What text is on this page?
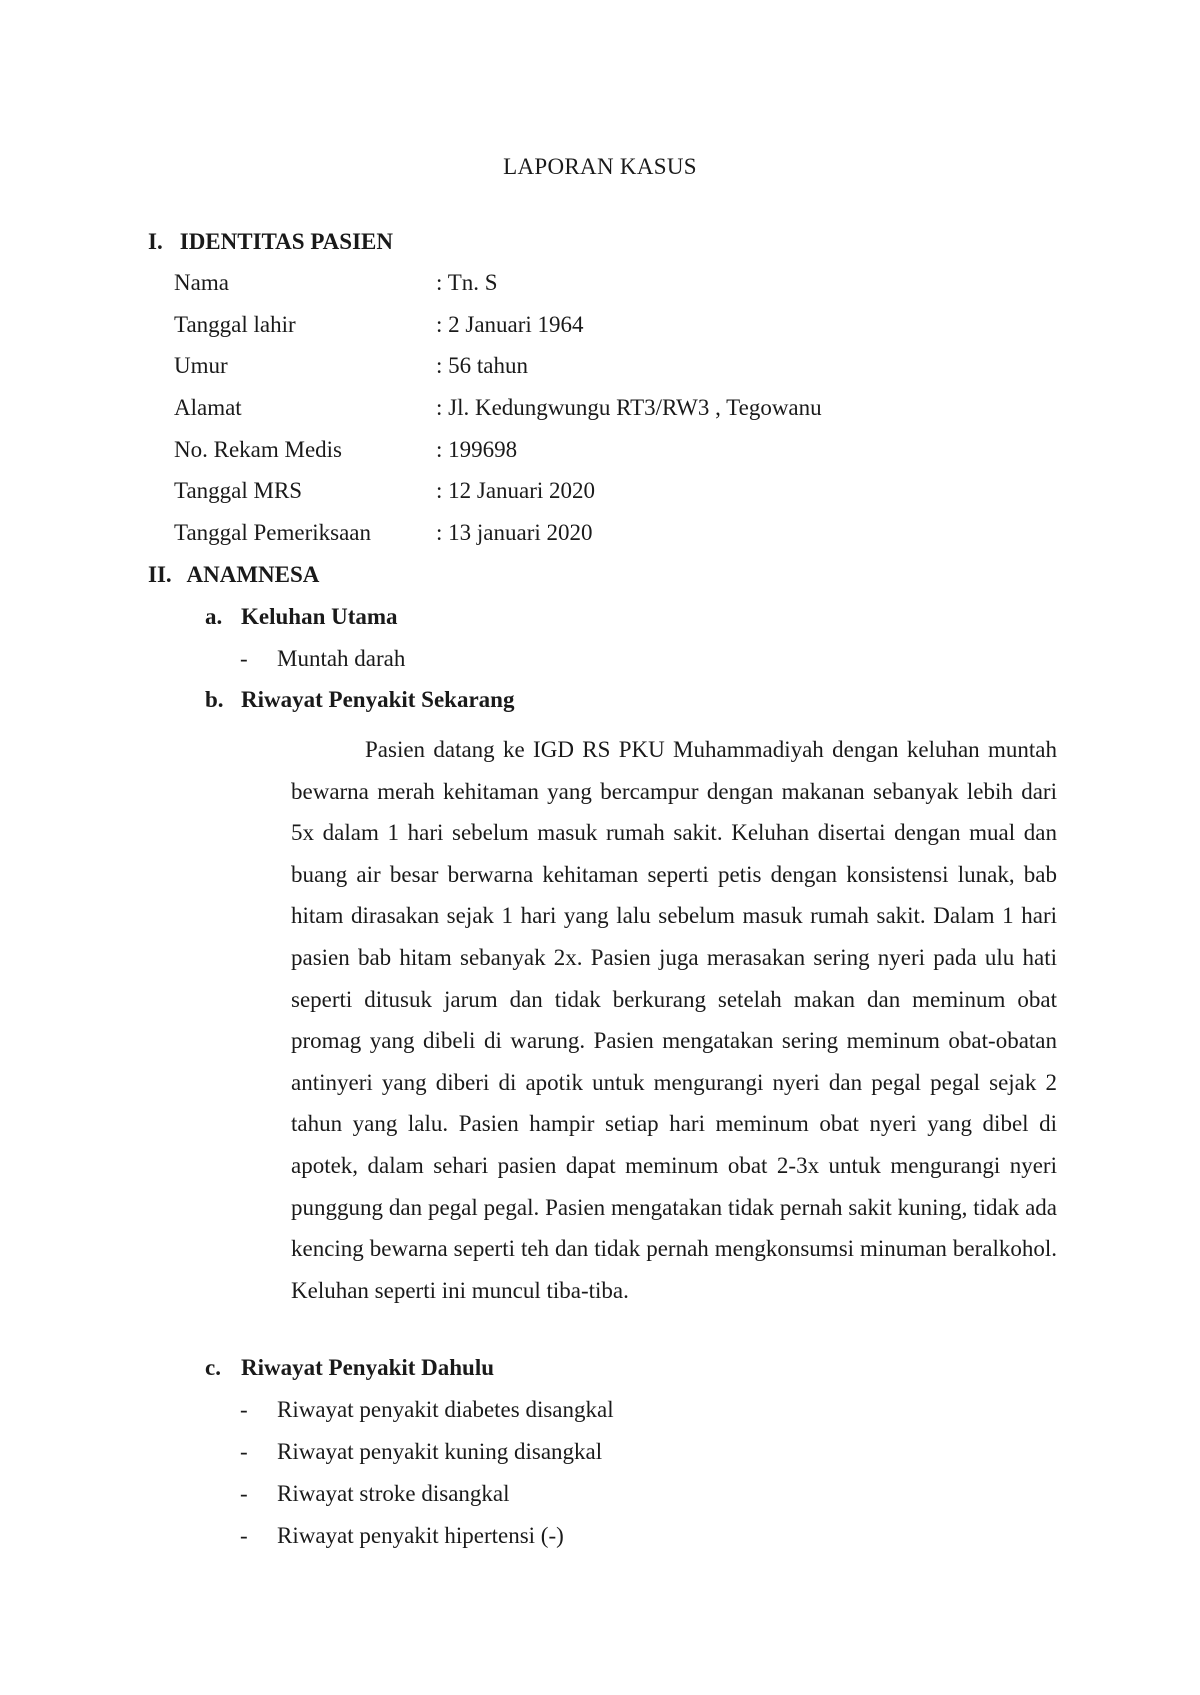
LAPORAN KASUS
I. IDENTITAS PASIEN
Nama	: Tn. S
Tanggal lahir	: 2 Januari 1964
Umur	: 56 tahun
Alamat	: Jl. Kedungwungu RT3/RW3 , Tegowanu
No. Rekam Medis	: 199698
Tanggal MRS	: 12 Januari 2020
Tanggal Pemeriksaan	: 13 januari 2020
II. ANAMNESA
a. Keluhan Utama
- Muntah darah
b. Riwayat Penyakit Sekarang

Pasien datang ke IGD RS PKU Muhammadiyah dengan keluhan muntah bewarna merah kehitaman yang bercampur dengan makanan sebanyak lebih dari 5x dalam 1 hari sebelum masuk rumah sakit. Keluhan disertai dengan mual dan buang air besar berwarna kehitaman seperti petis dengan konsistensi lunak, bab hitam dirasakan sejak 1 hari yang lalu sebelum masuk rumah sakit. Dalam 1 hari pasien bab hitam sebanyak 2x. Pasien juga merasakan sering nyeri pada ulu hati seperti ditusuk jarum dan tidak berkurang setelah makan dan meminum obat promag yang dibeli di warung. Pasien mengatakan sering meminum obat-obatan antinyeri yang diberi di apotik untuk mengurangi nyeri dan pegal pegal sejak 2 tahun yang lalu. Pasien hampir setiap hari meminum obat nyeri yang dibel di apotek, dalam sehari pasien dapat meminum obat 2-3x untuk mengurangi nyeri punggung dan pegal pegal. Pasien mengatakan tidak pernah sakit kuning, tidak ada kencing bewarna seperti teh dan tidak pernah mengkonsumsi minuman beralkohol. Keluhan seperti ini muncul tiba-tiba.

c. Riwayat Penyakit Dahulu
- Riwayat penyakit diabetes disangkal
- Riwayat penyakit kuning disangkal
- Riwayat stroke disangkal
- Riwayat penyakit hipertensi (-)
